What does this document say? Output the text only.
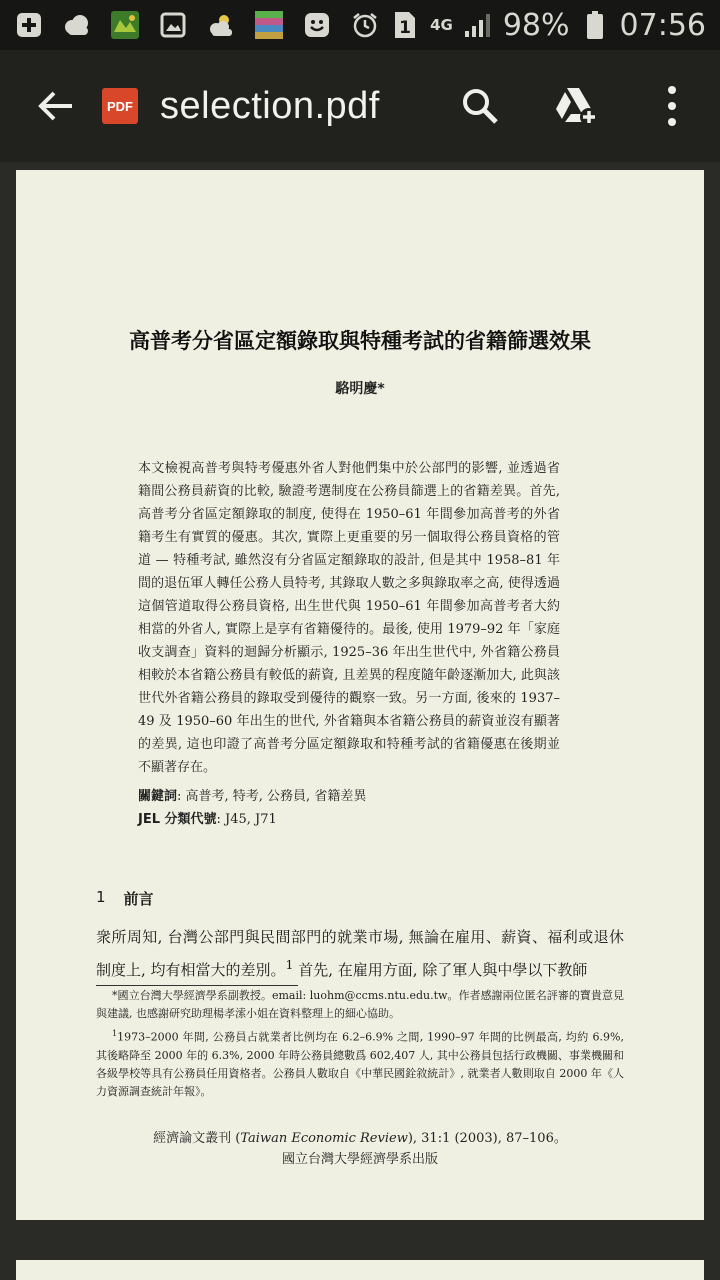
1 4G 98% 07:56
PDF selection.pdf
高普考分省區定額錄取與特種考試的省籍篩選效果
駱明慶*
本文檢視高普考與特考優惠外省人對他們集中於公部門的影響, 並透過省籍間公務員薪資的比較, 驗證考選制度在公務員篩選上的省籍差異。首先, 高普考分省區定額錄取的制度, 使得在 1950–61 年間參加高普考的外省籍考生有實質的優惠。其次, 實際上更重要的另一個取得公務員資格的管道 — 特種考試, 雖然沒有分省區定額錄取的設計, 但是其中 1958–81 年間的退伍軍人轉任公務人員特考, 其錄取人數之多與錄取率之高, 使得透過這個管道取得公務員資格, 出生世代與 1950–61 年間參加高普考者大約相當的外省人, 實際上是享有省籍優待的。最後, 使用 1979–92 年「家庭收支調查」資料的迴歸分析顯示, 1925–36 年出生世代中, 外省籍公務員相較於本省籍公務員有較低的薪資, 且差異的程度隨年齡逐漸加大, 此與該世代外省籍公務員的錄取受到優待的觀察一致。另一方面, 後來的 1937–49 及 1950–60 年出生的世代, 外省籍與本省籍公務員的薪資並沒有顯著的差異, 這也印證了高普考分區定額錄取和特種考試的省籍優惠在後期並不顯著存在。
關鍵詞: 高普考, 特考, 公務員, 省籍差異
JEL 分類代號: J45, J71
1 前言
衆所周知, 台灣公部門與民間部門的就業市場, 無論在雇用、薪資、福利或退休制度上, 均有相當大的差別。$^1$ 首先, 在雇用方面, 除了軍人與中學以下教師

*國立台灣大學經濟學系副教授。email: luohm@ccms.ntu.edu.tw。作者感謝兩位匿名評審的寶貴意見與建議, 也感謝研究助理楊孝溹小姐在資料整理上的細心協助。

$^1$1973–2000 年間, 公務員占就業者比例均在 6.2–6.9% 之間, 1990–97 年間的比例最高, 均約 6.9%, 其後略降至 2000 年的 6.3%, 2000 年時公務員總數爲 602,407 人, 其中公務員包括行政機關、事業機關和各級學校等具有公務員任用資格者。公務員人數取自《中華民國銓敘統計》, 就業者人數則取自 2000 年《人力資源調查統計年報》。

經濟論文叢刊 (Taiwan Economic Review), 31:1 (2003), 87–106。
國立台灣大學經濟學系出版
